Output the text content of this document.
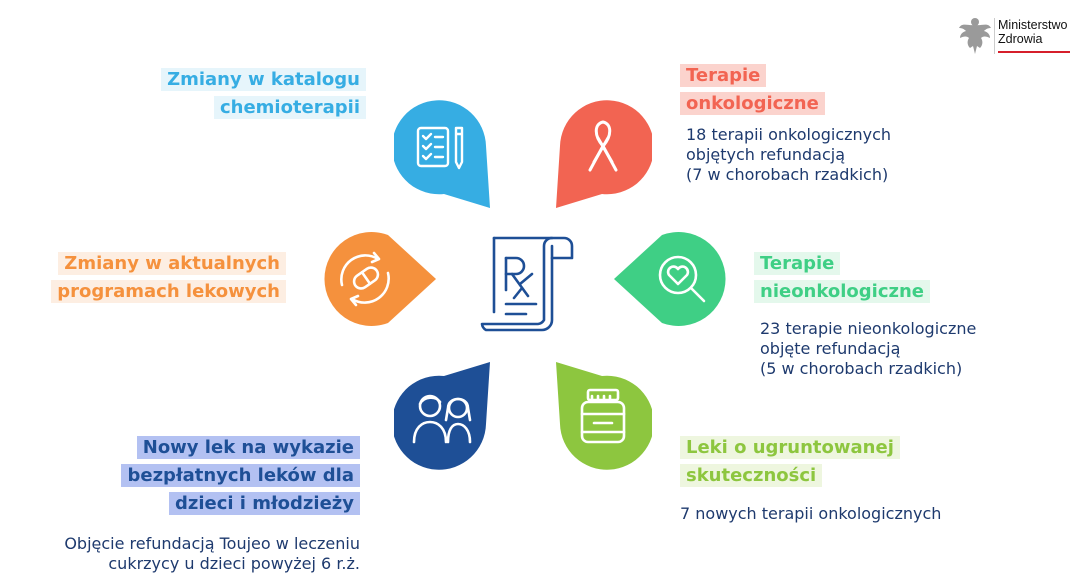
Ministerstwo
Zdrowia
Zmiany w katalogu
chemioterapii
Terapie
onkologiczne
18 terapii onkologicznych
objętych refundacją
(7 w chorobach rzadkich)
Zmiany w aktualnych
programach lekowych
Terapie
nieonkologiczne
23 terapie nieonkologiczne
objęte refundacją
(5 w chorobach rzadkich)
Nowy lek na wykazie
bezpłatnych leków dla
dzieci i młodzieży
Objęcie refundacją Toujeo w leczeniu
cukrzycy u dzieci powyżej 6 r.ż.
Leki o ugruntowanej
skuteczności
7 nowych terapii onkologicznych
